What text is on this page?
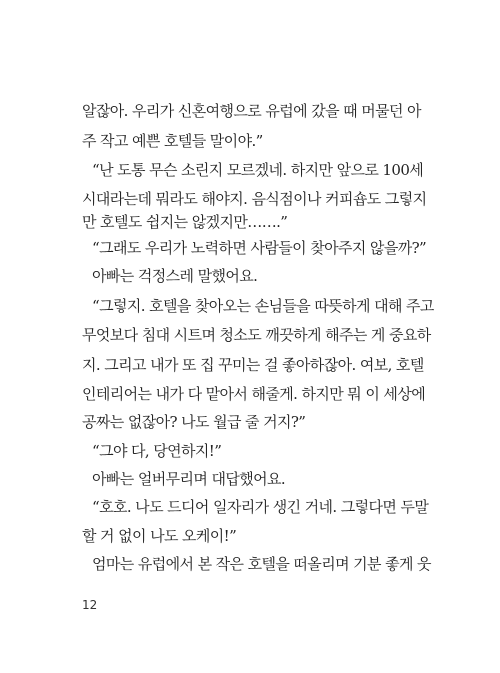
알잖아. 우리가 신혼여행으로 유럽에 갔을 때 머물던 아
주 작고 예쁜 호텔들 말이야.”
“난 도통 무슨 소린지 모르겠네. 하지만 앞으로 100세
시대라는데 뭐라도 해야지. 음식점이나 커피숍도 그렇지
만 호텔도 쉽지는 않겠지만…….”
“그래도 우리가 노력하면 사람들이 찾아주지 않을까?”
아빠는 걱정스레 말했어요.
“그렇지. 호텔을 찾아오는 손님들을 따뜻하게 대해 주고
무엇보다 침대 시트며 청소도 깨끗하게 해주는 게 중요하
지. 그리고 내가 또 집 꾸미는 걸 좋아하잖아. 여보, 호텔
인테리어는 내가 다 맡아서 해줄게. 하지만 뭐 이 세상에
공짜는 없잖아? 나도 월급 줄 거지?”
“그야 다, 당연하지!”
아빠는 얼버무리며 대답했어요.
“호호. 나도 드디어 일자리가 생긴 거네. 그렇다면 두말
할 거 없이 나도 오케이!”
엄마는 유럽에서 본 작은 호텔을 떠올리며 기분 좋게 웃
12
